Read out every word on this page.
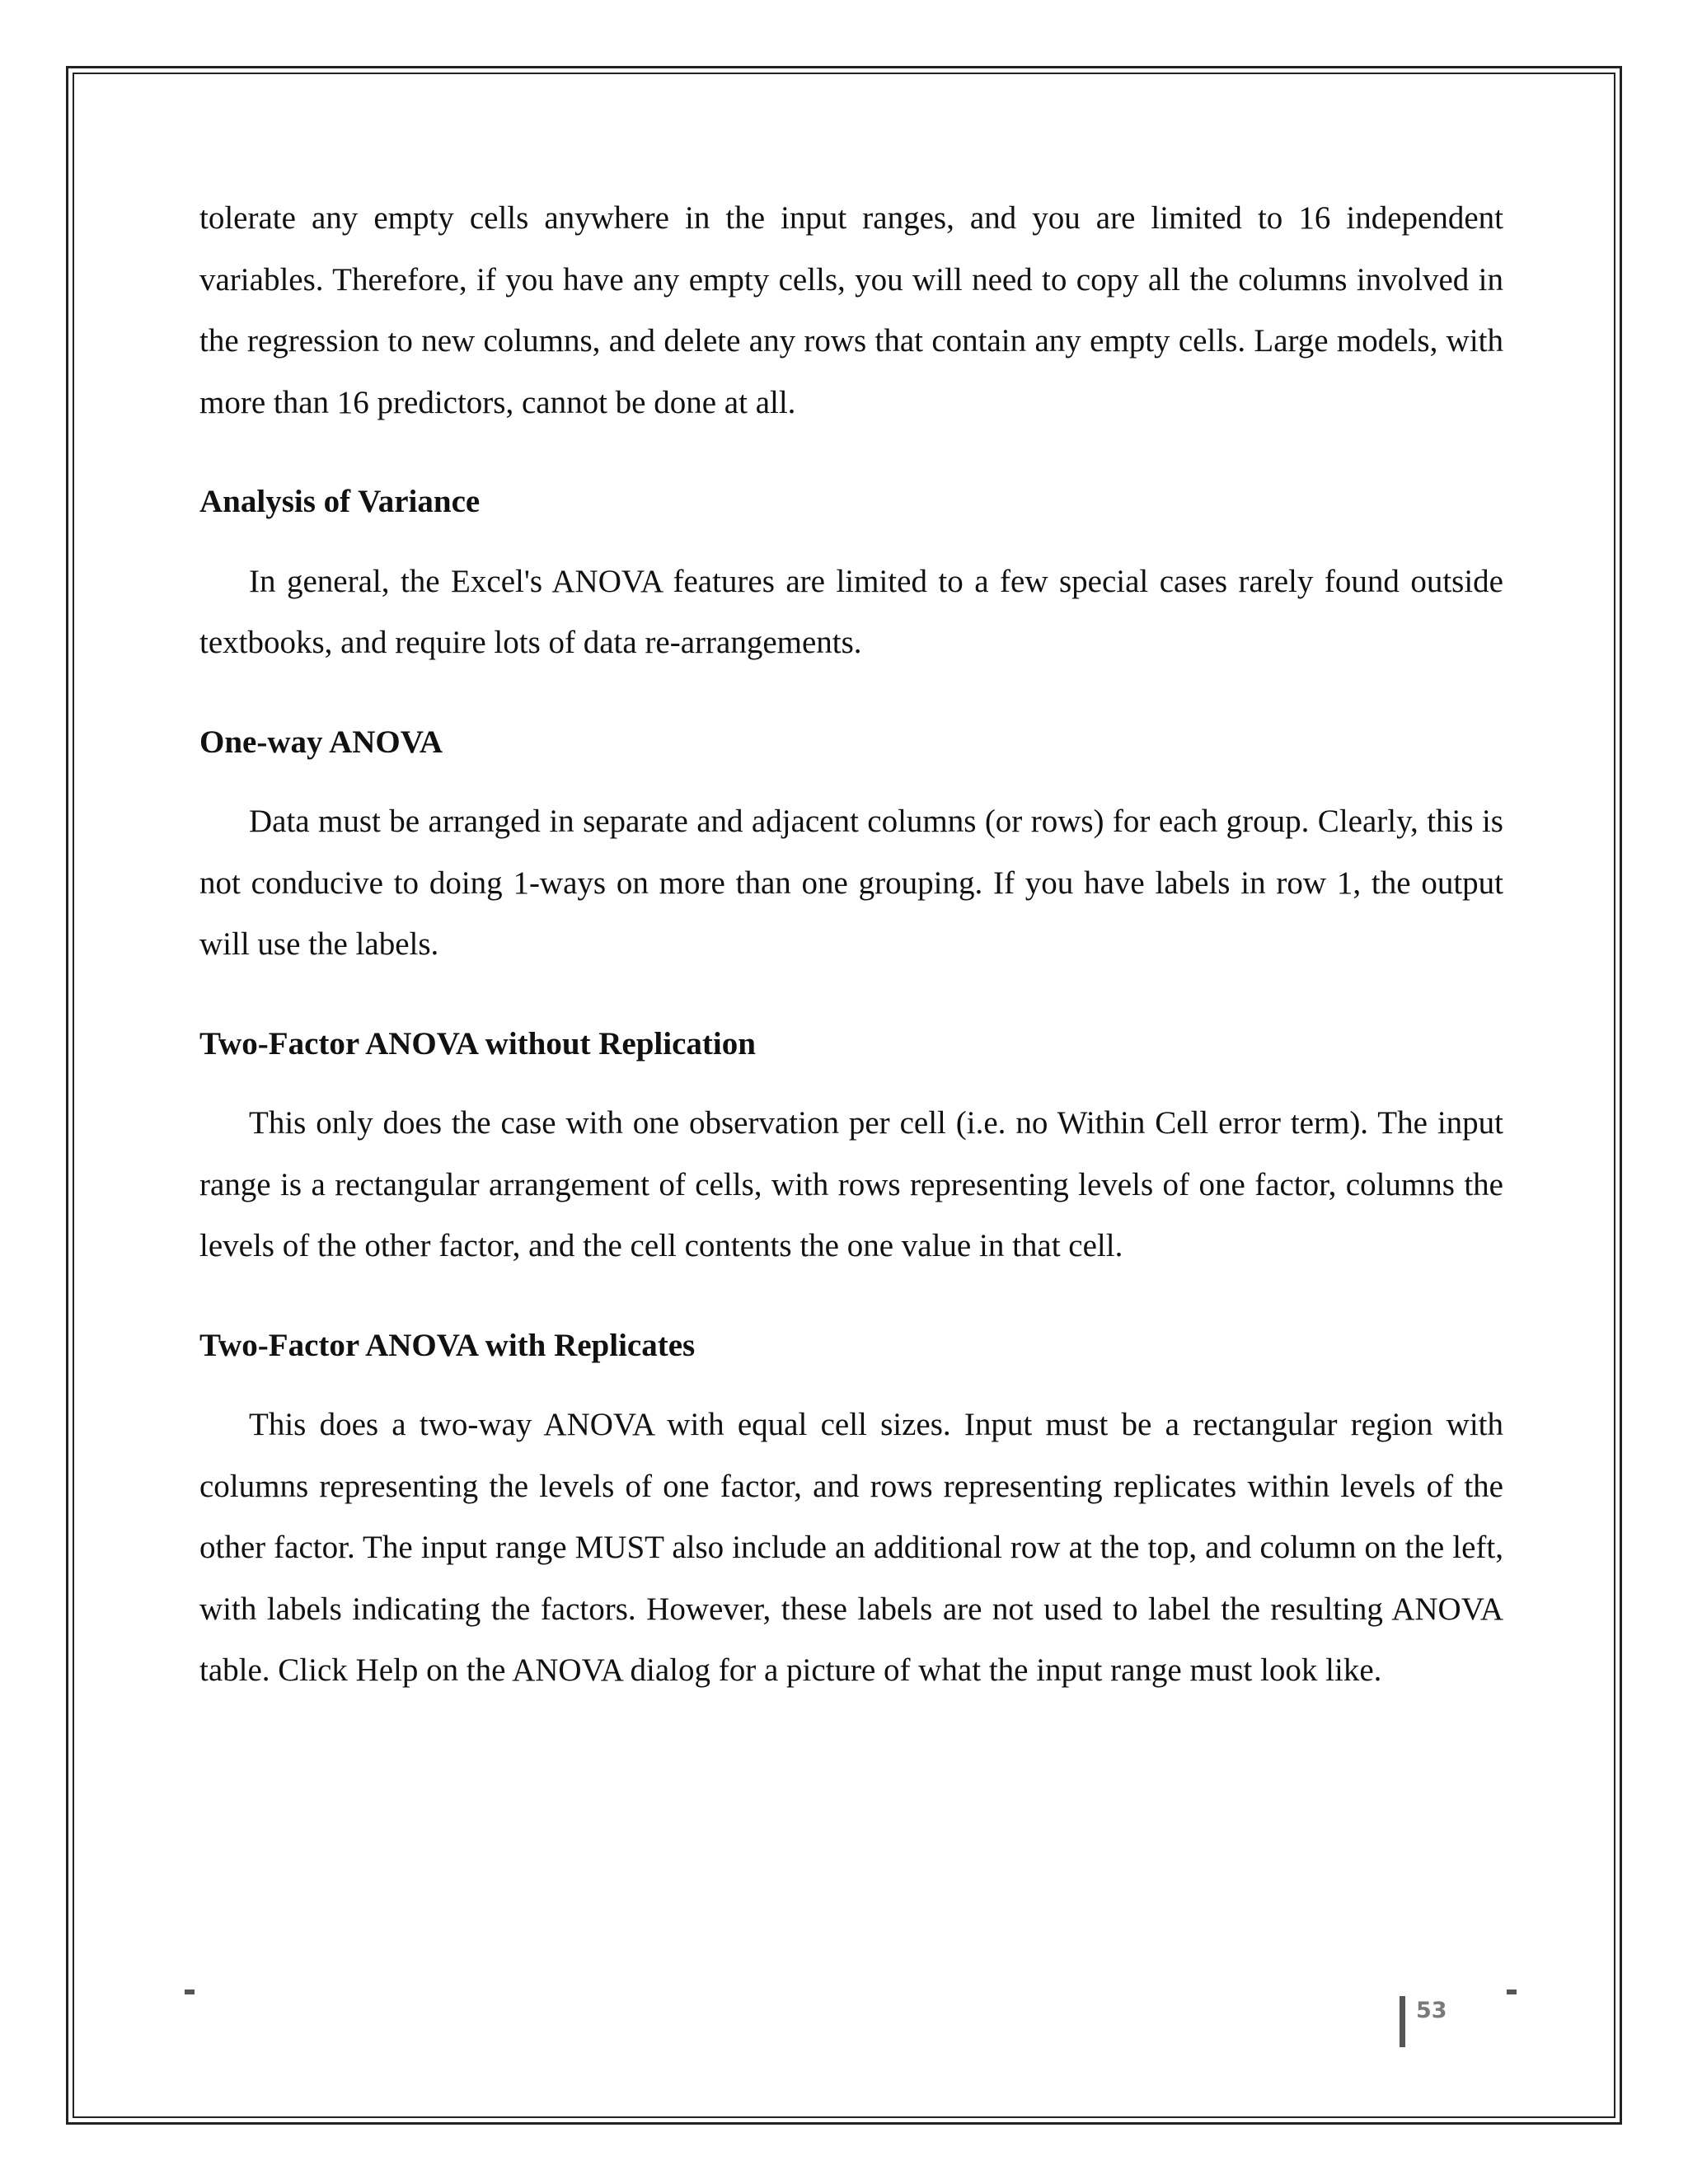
tolerate any empty cells anywhere in the input ranges, and you are limited to 16 independent variables. Therefore, if you have any empty cells, you will need to copy all the columns involved in the regression to new columns, and delete any rows that contain any empty cells. Large models, with more than 16 predictors, cannot be done at all.

Analysis of Variance

In general, the Excel's ANOVA features are limited to a few special cases rarely found outside textbooks, and require lots of data re-arrangements.

One-way ANOVA

Data must be arranged in separate and adjacent columns (or rows) for each group. Clearly, this is not conducive to doing 1-ways on more than one grouping. If you have labels in row 1, the output will use the labels.

Two-Factor ANOVA without Replication

This only does the case with one observation per cell (i.e. no Within Cell error term). The input range is a rectangular arrangement of cells, with rows representing levels of one factor, columns the levels of the other factor, and the cell contents the one value in that cell.

Two-Factor ANOVA with Replicates

This does a two-way ANOVA with equal cell sizes. Input must be a rectangular region with columns representing the levels of one factor, and rows representing replicates within levels of the other factor. The input range MUST also include an additional row at the top, and column on the left, with labels indicating the factors. However, these labels are not used to label the resulting ANOVA table. Click Help on the ANOVA dialog for a picture of what the input range must look like.

53
